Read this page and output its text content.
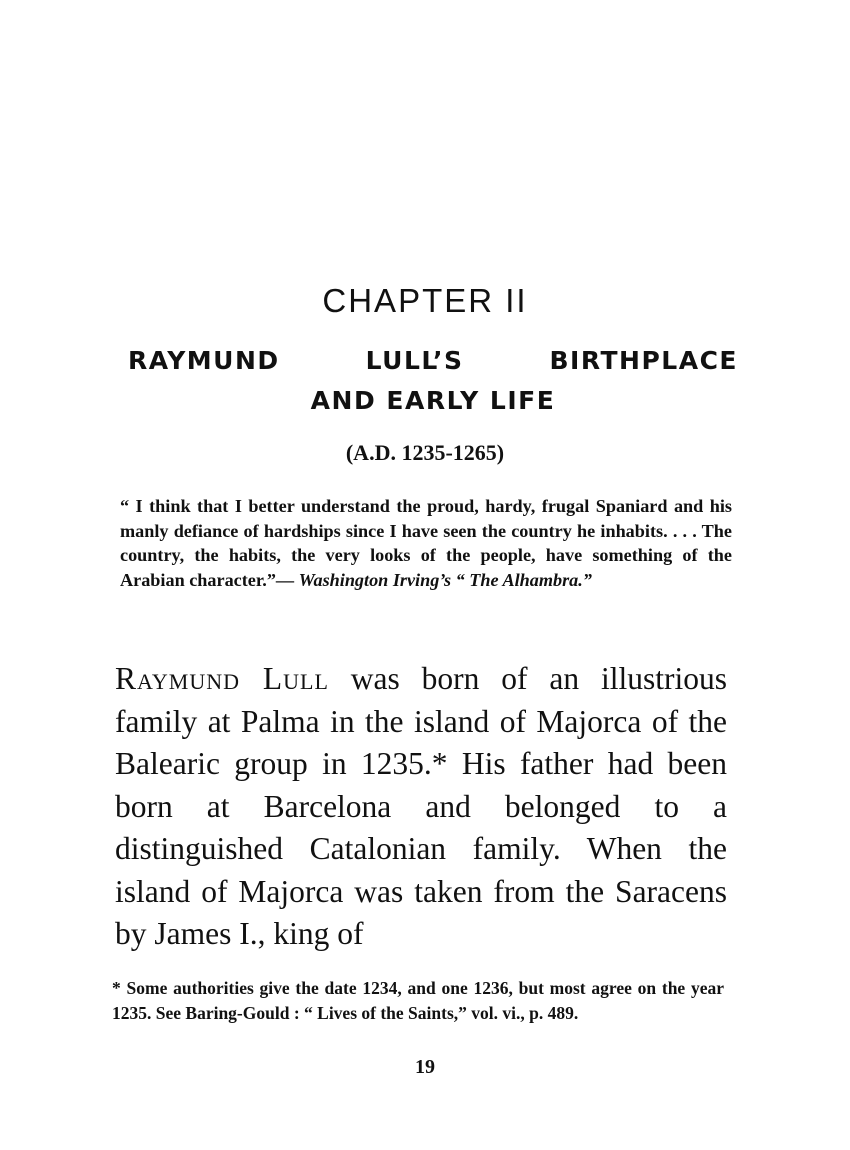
CHAPTER II
RAYMUND LULL’S BIRTHPLACE
AND EARLY LIFE
(A.D. 1235-1265)

“ I think that I better understand the proud, hardy, frugal Spaniard and his manly defiance of hardships since I have seen the country he inhabits. . . . The country, the habits, the very looks of the people, have something of the Arabian character.”— Washington Irving’s “ The Alhambra.”

Raymund Lull was born of an illustrious family at Palma in the island of Majorca of the Balearic group in 1235.* His father had been born at Barcelona and belonged to a distinguished Catalonian family. When the island of Majorca was taken from the Saracens by James I., king of

* Some authorities give the date 1234, and one 1236, but most agree on the year 1235. See Baring-Gould : “ Lives of the Saints,” vol. vi., p. 489.

19
